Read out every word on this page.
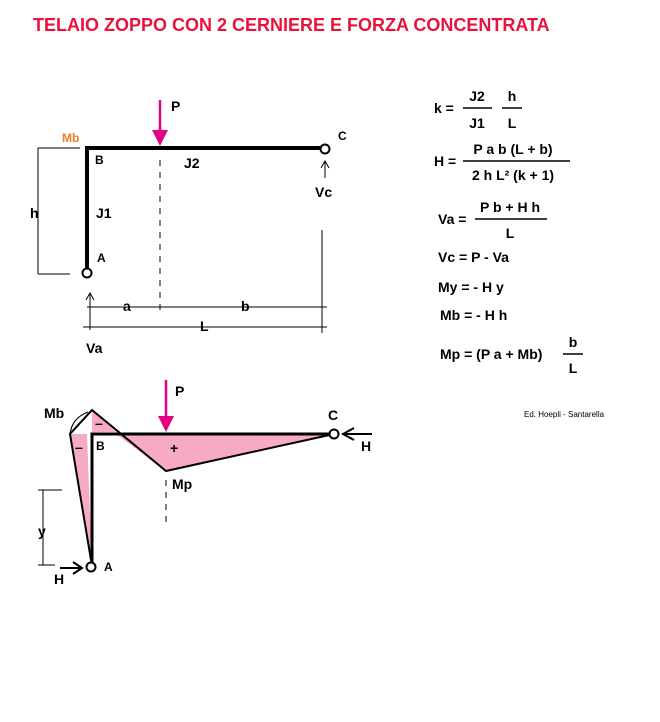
TELAIO ZOPPO CON 2 CERNIERE E FORZA CONCENTRATA
P
Mb
B	J2
C
J1
A
h
Va
Vc
a	b
L
k =
J2
J1
h
L
H =
P a b (L + b)
2 h L² (k + 1)
Va =
P b + H h
L
Vc = P - Va
My = - H y
Mb = - H h
Mp = (P a + Mb)
b
L
Ed. Hoepli - Santarella
P
Mb	C
B
–
–
+
Mp
H
y
H
A
